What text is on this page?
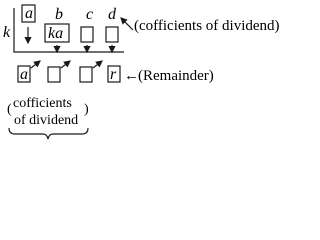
k
b c d
a
ka	(cofficients of dividend)
a	r ← (Remainder)
( cofficients
of dividend
)
